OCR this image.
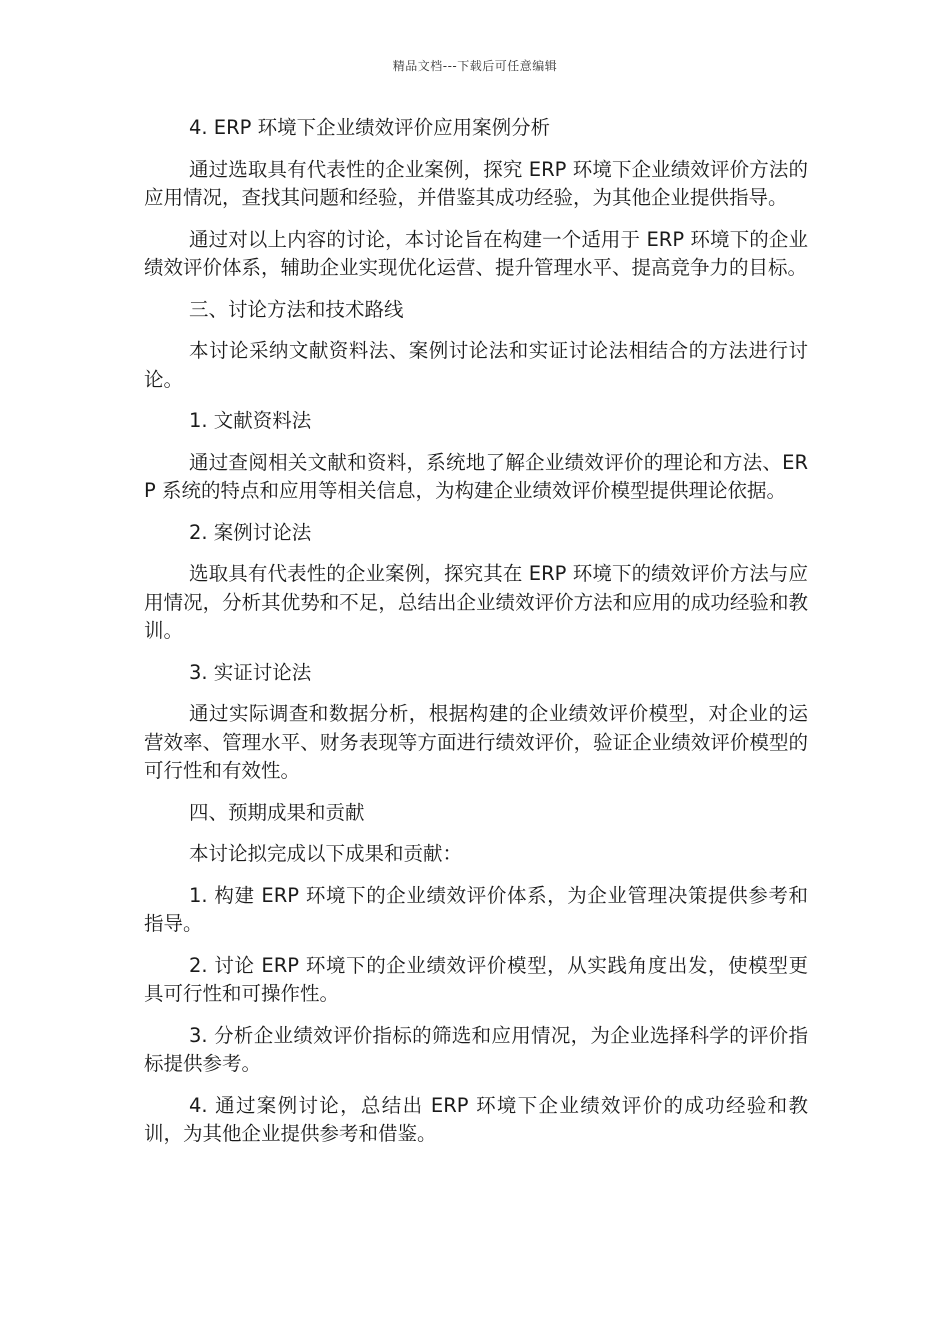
精品文档---下载后可任意编辑

4. ERP 环境下企业绩效评价应用案例分析

通过选取具有代表性的企业案例，探究 ERP 环境下企业绩效评价方法的应用情况，查找其问题和经验，并借鉴其成功经验，为其他企业提供指导。

通过对以上内容的讨论，本讨论旨在构建一个适用于 ERP 环境下的企业绩效评价体系，辅助企业实现优化运营、提升管理水平、提高竞争力的目标。

三、讨论方法和技术路线

本讨论采纳文献资料法、案例讨论法和实证讨论法相结合的方法进行讨论。

1. 文献资料法

通过查阅相关文献和资料，系统地了解企业绩效评价的理论和方法、ERP 系统的特点和应用等相关信息，为构建企业绩效评价模型提供理论依据。

2. 案例讨论法

选取具有代表性的企业案例，探究其在 ERP 环境下的绩效评价方法与应用情况，分析其优势和不足，总结出企业绩效评价方法和应用的成功经验和教训。

3. 实证讨论法

通过实际调查和数据分析，根据构建的企业绩效评价模型，对企业的运营效率、管理水平、财务表现等方面进行绩效评价，验证企业绩效评价模型的可行性和有效性。

四、预期成果和贡献

本讨论拟完成以下成果和贡献：

1. 构建 ERP 环境下的企业绩效评价体系，为企业管理决策提供参考和指导。

2. 讨论 ERP 环境下的企业绩效评价模型，从实践角度出发，使模型更具可行性和可操作性。

3. 分析企业绩效评价指标的筛选和应用情况，为企业选择科学的评价指标提供参考。

4. 通过案例讨论，总结出 ERP 环境下企业绩效评价的成功经验和教训，为其他企业提供参考和借鉴。
